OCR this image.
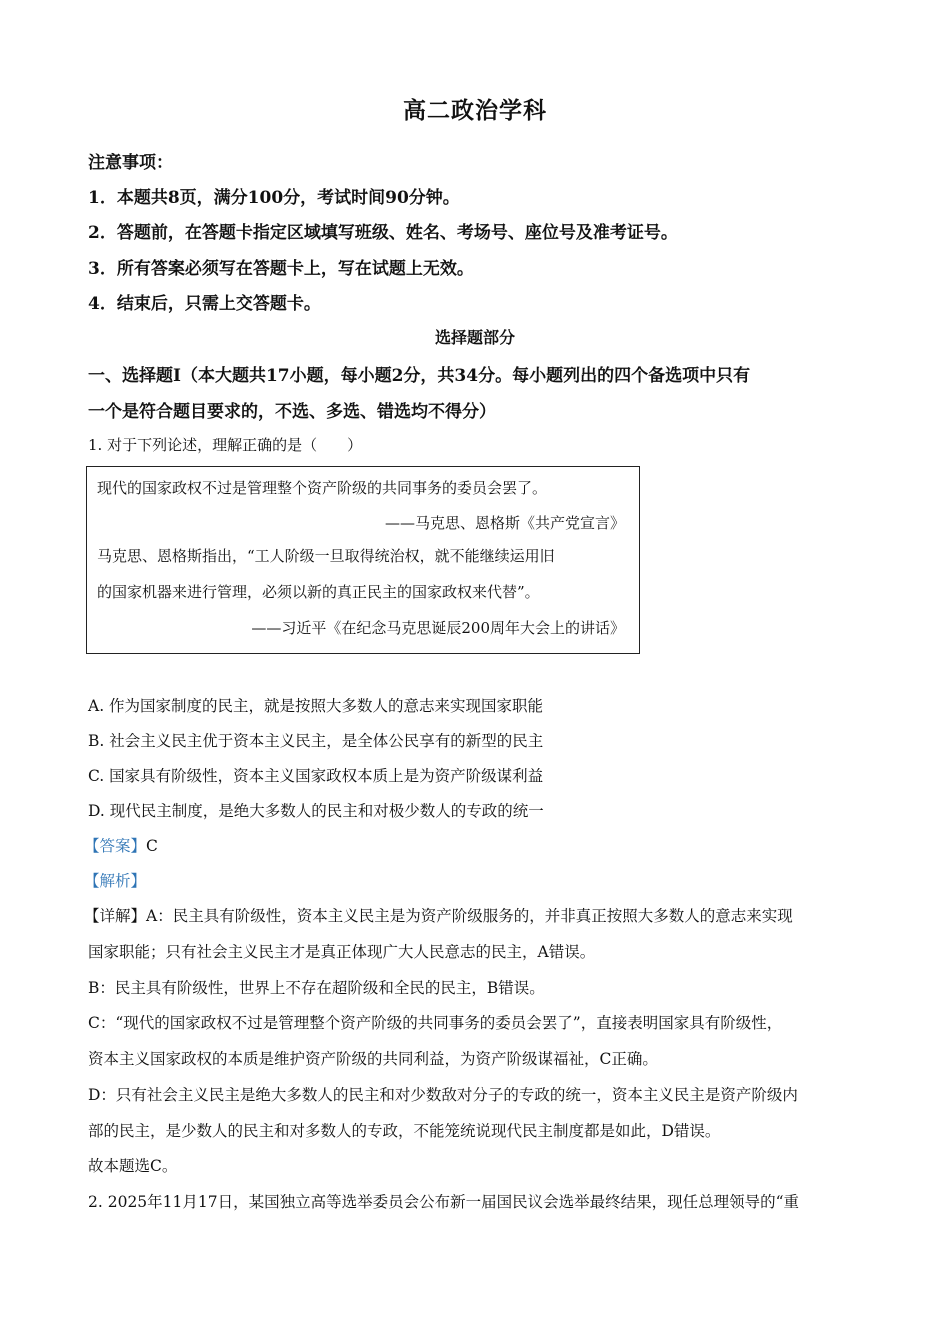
高二政治学科
注意事项：
1．本题共8页，满分100分，考试时间90分钟。
2．答题前，在答题卡指定区域填写班级、姓名、考场号、座位号及准考证号。
3．所有答案必须写在答题卡上，写在试题上无效。
4．结束后，只需上交答题卡。
选择题部分
一、选择题Ⅰ（本大题共17小题，每小题2分，共34分。每小题列出的四个备选项中只有
一个是符合题目要求的，不选、多选、错选均不得分）
1. 对于下列论述，理解正确的是（　　）
现代的国家政权不过是管理整个资产阶级的共同事务的委员会罢了。
——马克思、恩格斯《共产党宣言》
马克思、恩格斯指出，“工人阶级一旦取得统治权，就不能继续运用旧
的国家机器来进行管理，必须以新的真正民主的国家政权来代替”。
——习近平《在纪念马克思诞辰200周年大会上的讲话》
A. 作为国家制度的民主，就是按照大多数人的意志来实现国家职能
B. 社会主义民主优于资本主义民主，是全体公民享有的新型的民主
C. 国家具有阶级性，资本主义国家政权本质上是为资产阶级谋利益
D. 现代民主制度，是绝大多数人的民主和对极少数人的专政的统一
【答案】C
【解析】
【详解】A：民主具有阶级性，资本主义民主是为资产阶级服务的，并非真正按照大多数人的意志来实现
国家职能；只有社会主义民主才是真正体现广大人民意志的民主，A错误。
B：民主具有阶级性，世界上不存在超阶级和全民的民主，B错误。
C：“现代的国家政权不过是管理整个资产阶级的共同事务的委员会罢了”，直接表明国家具有阶级性，
资本主义国家政权的本质是维护资产阶级的共同利益，为资产阶级谋福祉，C正确。
D：只有社会主义民主是绝大多数人的民主和对少数敌对分子的专政的统一，资本主义民主是资产阶级内
部的民主，是少数人的民主和对多数人的专政，不能笼统说现代民主制度都是如此，D错误。
故本题选C。
2. 2025年11月17日，某国独立高等选举委员会公布新一届国民议会选举最终结果，现任总理领导的“重
